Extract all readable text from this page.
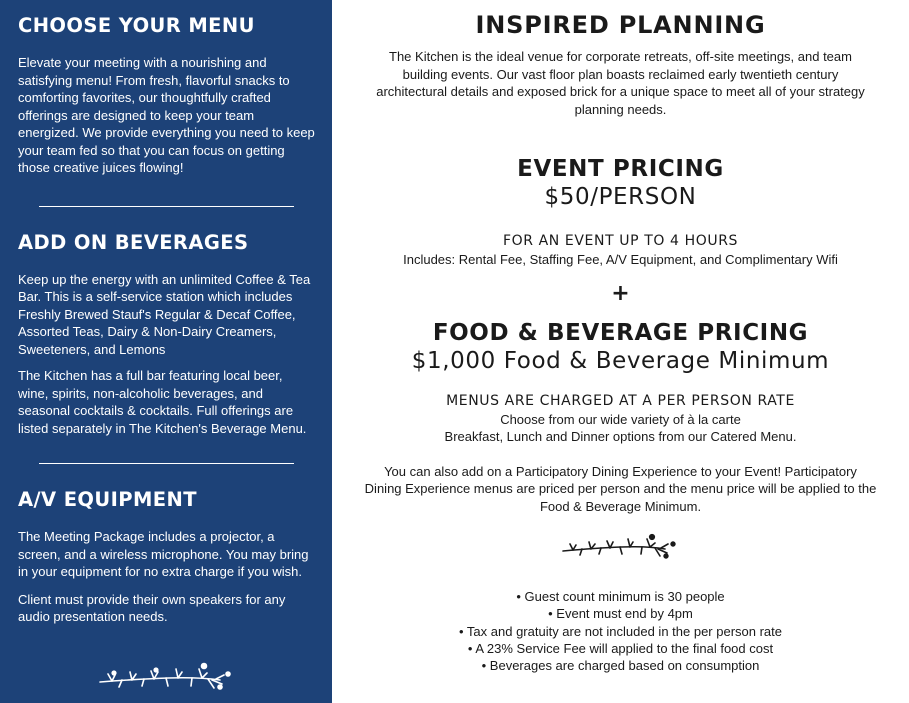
CHOOSE YOUR MENU

Elevate your meeting with a nourishing and satisfying menu! From fresh, flavorful snacks to comforting favorites, our thoughtfully crafted offerings are designed to keep your team energized. We provide everything you need to keep your team fed so that you can focus on getting those creative juices flowing!

ADD ON BEVERAGES

Keep up the energy with an unlimited Coffee & Tea Bar. This is a self-service station which includes Freshly Brewed Stauf's Regular & Decaf Coffee, Assorted Teas, Dairy & Non-Dairy Creamers, Sweeteners, and Lemons

The Kitchen has a full bar featuring local beer, wine, spirits, non-alcoholic beverages, and seasonal cocktails & cocktails. Full offerings are listed separately in The Kitchen's Beverage Menu.

A/V EQUIPMENT

The Meeting Package includes a projector, a screen, and a wireless microphone. You may bring in your equipment for no extra charge if you wish.

Client must provide their own speakers for any audio presentation needs.

INSPIRED PLANNING

The Kitchen is the ideal venue for corporate retreats, off-site meetings, and team building events. Our vast floor plan boasts reclaimed early twentieth century architectural details and exposed brick for a unique space to meet all of your strategy planning needs.

EVENT PRICING

$50/PERSON

FOR AN EVENT UP TO 4 HOURS

Includes: Rental Fee, Staffing Fee, A/V Equipment, and Complimentary Wifi

+

FOOD & BEVERAGE PRICING

$1,000 Food & Beverage Minimum

MENUS ARE CHARGED AT A PER PERSON RATE

Choose from our wide variety of à la carte

Breakfast, Lunch and Dinner options from our Catered Menu.

You can also add on a Participatory Dining Experience to your Event! Participatory Dining Experience menus are priced per person and the menu price will be applied to the Food & Beverage Minimum.

• Guest count minimum is 30 people
• Event must end by 4pm
• Tax and gratuity are not included in the per person rate
• A 23% Service Fee will applied to the final food cost
• Beverages are charged based on consumption
